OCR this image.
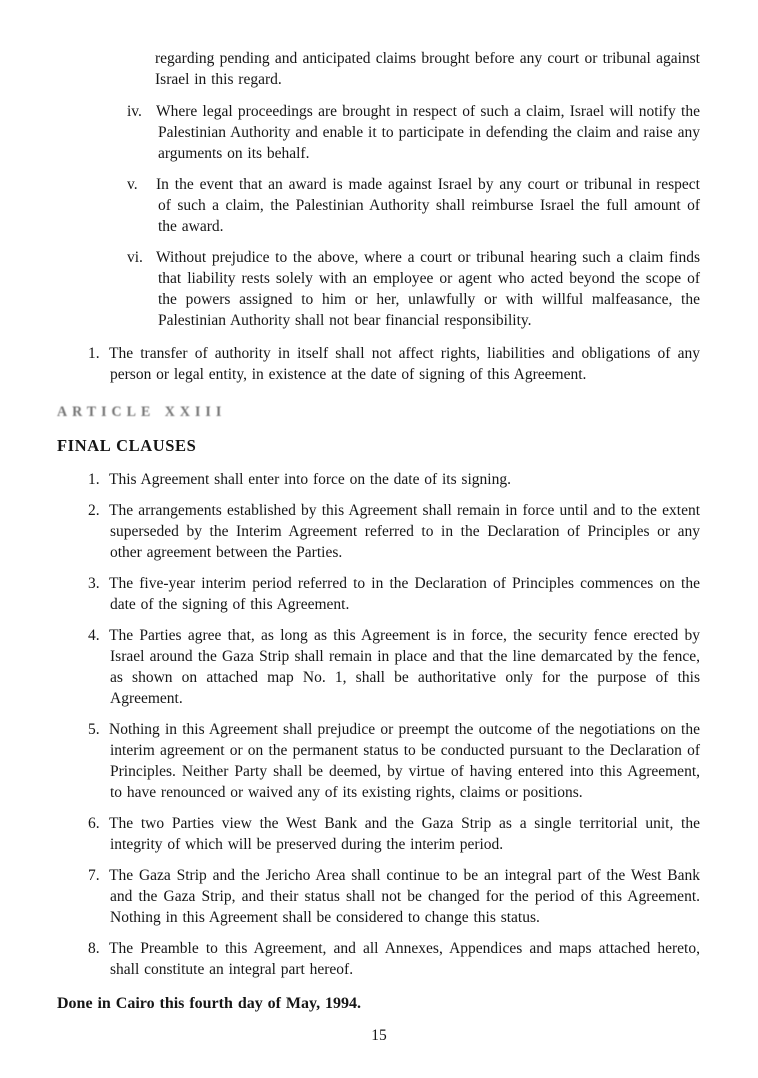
regarding pending and anticipated claims brought before any court or tribunal against Israel in this regard.

iv. Where legal proceedings are brought in respect of such a claim, Israel will notify the Palestinian Authority and enable it to participate in defending the claim and raise any arguments on its behalf.

v. In the event that an award is made against Israel by any court or tribunal in respect of such a claim, the Palestinian Authority shall reimburse Israel the full amount of the award.

vi. Without prejudice to the above, where a court or tribunal hearing such a claim finds that liability rests solely with an employee or agent who acted beyond the scope of the powers assigned to him or her, unlawfully or with willful malfeasance, the Palestinian Authority shall not bear financial responsibility.

1. The transfer of authority in itself shall not affect rights, liabilities and obligations of any person or legal entity, in existence at the date of signing of this Agreement.

ARTICLE XXIII
FINAL CLAUSES

1. This Agreement shall enter into force on the date of its signing.

2. The arrangements established by this Agreement shall remain in force until and to the extent superseded by the Interim Agreement referred to in the Declaration of Principles or any other agreement between the Parties.

3. The five-year interim period referred to in the Declaration of Principles commences on the date of the signing of this Agreement.

4. The Parties agree that, as long as this Agreement is in force, the security fence erected by Israel around the Gaza Strip shall remain in place and that the line demarcated by the fence, as shown on attached map No. 1, shall be authoritative only for the purpose of this Agreement.

5. Nothing in this Agreement shall prejudice or preempt the outcome of the negotiations on the interim agreement or on the permanent status to be conducted pursuant to the Declaration of Principles. Neither Party shall be deemed, by virtue of having entered into this Agreement, to have renounced or waived any of its existing rights, claims or positions.

6. The two Parties view the West Bank and the Gaza Strip as a single territorial unit, the integrity of which will be preserved during the interim period.

7. The Gaza Strip and the Jericho Area shall continue to be an integral part of the West Bank and the Gaza Strip, and their status shall not be changed for the period of this Agreement. Nothing in this Agreement shall be considered to change this status.

8. The Preamble to this Agreement, and all Annexes, Appendices and maps attached hereto, shall constitute an integral part hereof.

Done in Cairo this fourth day of May, 1994.
15
